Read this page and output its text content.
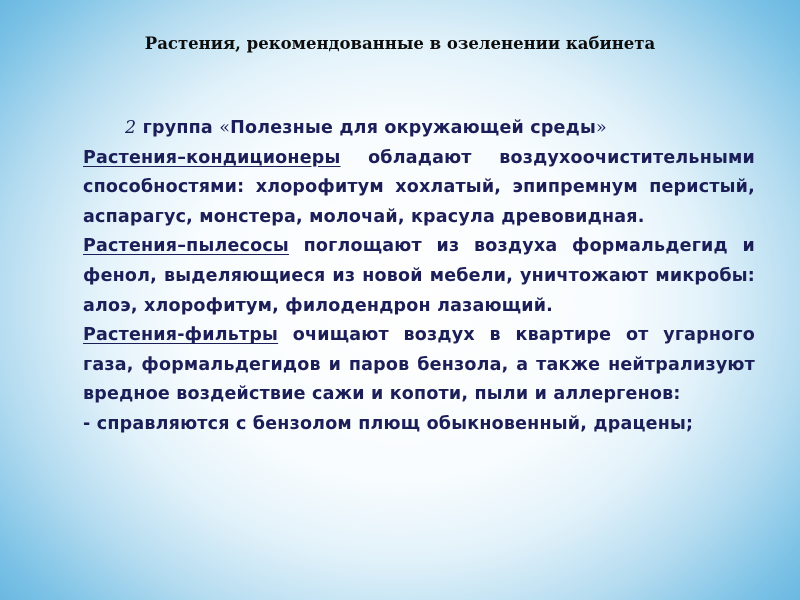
Растения, рекомендованные в озеленении кабинета
2 группа «Полезные для окружающей среды»

Растения–кондиционеры обладают воздухоочистительными способностями: хлорофитум хохлатый, эпипремнум перистый, аспарагус, монстера, молочай, красула древовидная.

Растения–пылесосы поглощают из воздуха формальдегид и фенол, выделяющиеся из новой мебели, уничтожают микробы: алоэ, хлорофитум, филодендрон лазающий.

Растения-фильтры очищают воздух в квартире от угарного газа, формальдегидов и паров бензола, а также нейтрализуют вредное воздействие сажи и копоти, пыли и аллергенов:

- справляются с бензолом плющ обыкновенный, драцены;
